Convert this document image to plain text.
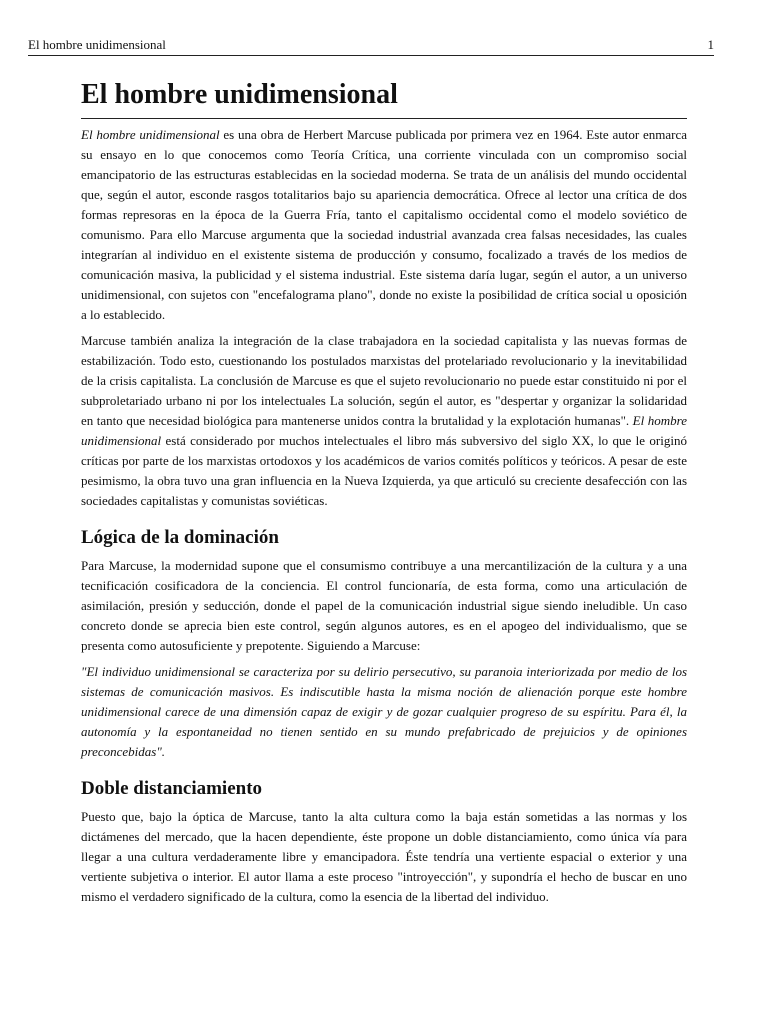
El hombre unidimensional	1
El hombre unidimensional

El hombre unidimensional es una obra de Herbert Marcuse publicada por primera vez en 1964. Este autor enmarca su ensayo en lo que conocemos como Teoría Crítica, una corriente vinculada con un compromiso social emancipatorio de las estructuras establecidas en la sociedad moderna. Se trata de un análisis del mundo occidental que, según el autor, esconde rasgos totalitarios bajo su apariencia democrática. Ofrece al lector una crítica de dos formas represoras en la época de la Guerra Fría, tanto el capitalismo occidental como el modelo soviético de comunismo. Para ello Marcuse argumenta que la sociedad industrial avanzada crea falsas necesidades, las cuales integrarían al individuo en el existente sistema de producción y consumo, focalizado a través de los medios de comunicación masiva, la publicidad y el sistema industrial. Este sistema daría lugar, según el autor, a un universo unidimensional, con sujetos con "encefalograma plano", donde no existe la posibilidad de crítica social u oposición a lo establecido.

Marcuse también analiza la integración de la clase trabajadora en la sociedad capitalista y las nuevas formas de estabilización. Todo esto, cuestionando los postulados marxistas del protelariado revolucionario y la inevitabilidad de la crisis capitalista. La conclusión de Marcuse es que el sujeto revolucionario no puede estar constituido ni por el subproletariado urbano ni por los intelectuales La solución, según el autor, es "despertar y organizar la solidaridad en tanto que necesidad biológica para mantenerse unidos contra la brutalidad y la explotación humanas". El hombre unidimensional está considerado por muchos intelectuales el libro más subversivo del siglo XX, lo que le originó críticas por parte de los marxistas ortodoxos y los académicos de varios comités políticos y teóricos. A pesar de este pesimismo, la obra tuvo una gran influencia en la Nueva Izquierda, ya que articuló su creciente desafección con las sociedades capitalistas y comunistas soviéticas.

Lógica de la dominación

Para Marcuse, la modernidad supone que el consumismo contribuye a una mercantilización de la cultura y a una tecnificación cosificadora de la conciencia. El control funcionaría, de esta forma, como una articulación de asimilación, presión y seducción, donde el papel de la comunicación industrial sigue siendo ineludible. Un caso concreto donde se aprecia bien este control, según algunos autores, es en el apogeo del individualismo, que se presenta como autosuficiente y prepotente. Siguiendo a Marcuse:

"El individuo unidimensional se caracteriza por su delirio persecutivo, su paranoia interiorizada por medio de los sistemas de comunicación masivos. Es indiscutible hasta la misma noción de alienación porque este hombre unidimensional carece de una dimensión capaz de exigir y de gozar cualquier progreso de su espíritu. Para él, la autonomía y la espontaneidad no tienen sentido en su mundo prefabricado de prejuicios y de opiniones preconcebidas".

Doble distanciamiento

Puesto que, bajo la óptica de Marcuse, tanto la alta cultura como la baja están sometidas a las normas y los dictámenes del mercado, que la hacen dependiente, éste propone un doble distanciamiento, como única vía para llegar a una cultura verdaderamente libre y emancipadora. Éste tendría una vertiente espacial o exterior y una vertiente subjetiva o interior. El autor llama a este proceso "introyección", y supondría el hecho de buscar en uno mismo el verdadero significado de la cultura, como la esencia de la libertad del individuo.
